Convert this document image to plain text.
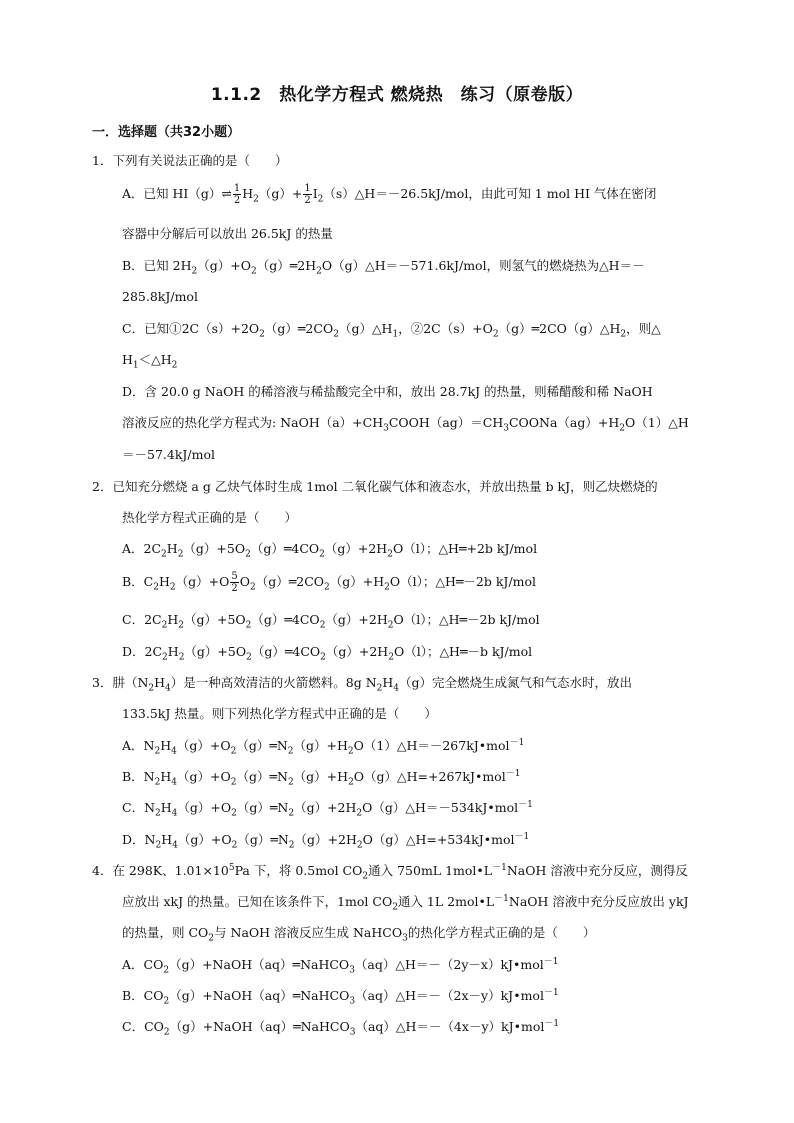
1.1.2　热化学方程式 燃烧热　练习（原卷版）
一．选择题（共32小题）
1．下列有关说法正确的是（　　）
A．已知 HI（g）⇌ $\frac{1}{2} H_2(g)+ \frac{1}{2}$ $I_2(s)\triangle H=-26.5kJ$/mol，由此可知 1 mol HI 气体在密闭
容器中分解后可以放出 26.5kJ 的热量
B．已知 $2H_2(g)+O_2(g)═2H_2O(g)\triangle H=-571.6kJ$/mol，则氢气的燃烧热为△H＝－
285.8kJ/mol
C．已知$①2C(s)+2O_2(g)═2CO_2(g)\triangle H_1$，$②2C(s)+O_2(g)═2CO(g)\triangle H_2$，则△
$H_1<\triangle H_2$
D．含 20.0 g NaOH 的稀溶液与稀盐酸完全中和，放出 28.7kJ 的热量，则稀醋酸和稀 NaOH
溶液反应的热化学方程式为: $NaOH(a)+CH_3COOH(ag)=CH_3COONa(ag)+H_2O(1)\triangle H$
＝－57.4kJ/mol
2．已知充分燃烧 a g 乙炔气体时生成 1mol 二氧化碳气体和液态水，并放出热量 b kJ，则乙炔燃烧的
热化学方程式正确的是（　　）
A．$2C_2H_2(g)+5O_2(g)═4CO_2(g)+2H_2O(l)$；△H═+2b kJ/mol
B．$C_2H_2(g)+O \frac{5}{2}$ $O_2(g)═2CO_2(g)+H_2O(l)$；△H═－2b kJ/mol
C．$2C_2H_2(g)+5O_2(g)═4CO_2(g)+2H_2O(l)$；△H═－2b kJ/mol
D．$2C_2H_2(g)+5O_2(g)═4CO_2(g)+2H_2O(l)$；△H═－b kJ/mol
3．肼$(N_2H_4)$是一种高效清洁的火箭燃料。8g $N_2H_4(g)$完全燃烧生成氮气和气态水时，放出
133.5kJ 热量。则下列热化学方程式中正确的是（　　）
A．$N_2H_4(g)+O_2(g)═N_2(g)+H_2O(1)\triangle H=-267kJ•mol^{-1}$
B．$N_2H_4(g)+O_2(g)═N_2(g)+H_2O(g)\triangle H=+267kJ•mol^{-1}$
C．$N_2H_4(g)+O_2(g)═N_2(g)+2H_2O(g)\triangle H=-534kJ•mol^{-1}$
D．$N_2H_4(g)+O_2(g)═N_2(g)+2H_2O(g)\triangle H=+534kJ•mol^{-1}$
4．在 298K、$1.01\times 10^5Pa$ 下，将 0.5mol $CO_2$通入 750mL $1mol•L^{-1}NaOH$ 溶液中充分反应，测得反
应放出 xkJ 的热量。已知在该条件下，1mol $CO_2$通入 1L $2mol•L^{-1}NaOH$ 溶液中充分反应放出 ykJ
的热量，则 $CO_2$与 NaOH 溶液反应生成 NaHCO$_3$的热化学方程式正确的是（　　）
A．$CO_2(g)+NaOH(aq)═NaHCO_3(aq)\triangle H=-(2y-x)kJ•mol^{-1}$
B．$CO_2(g)+NaOH(aq)═NaHCO_3(aq)\triangle H=-(2x-y)kJ•mol^{-1}$
C．$CO_2(g)+NaOH(aq)═NaHCO_3(aq)\triangle H=-(4x-y)kJ•mol^{-1}$
